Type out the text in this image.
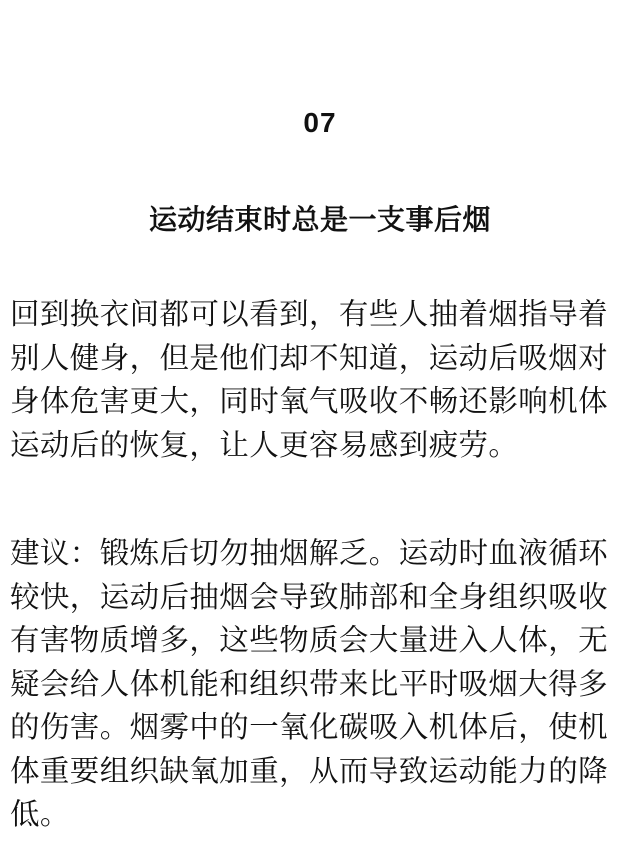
07
运动结束时总是一支事后烟
回到换衣间都可以看到，有些人抽着烟指导着
别人健身，但是他们却不知道，运动后吸烟对
身体危害更大，同时氧气吸收不畅还影响机体
运动后的恢复，让人更容易感到疲劳。
建议：锻炼后切勿抽烟解乏。运动时血液循环
较快，运动后抽烟会导致肺部和全身组织吸收
有害物质增多，这些物质会大量进入人体，无
疑会给人体机能和组织带来比平时吸烟大得多
的伤害。烟雾中的一氧化碳吸入机体后，使机
体重要组织缺氧加重，从而导致运动能力的降
低。
